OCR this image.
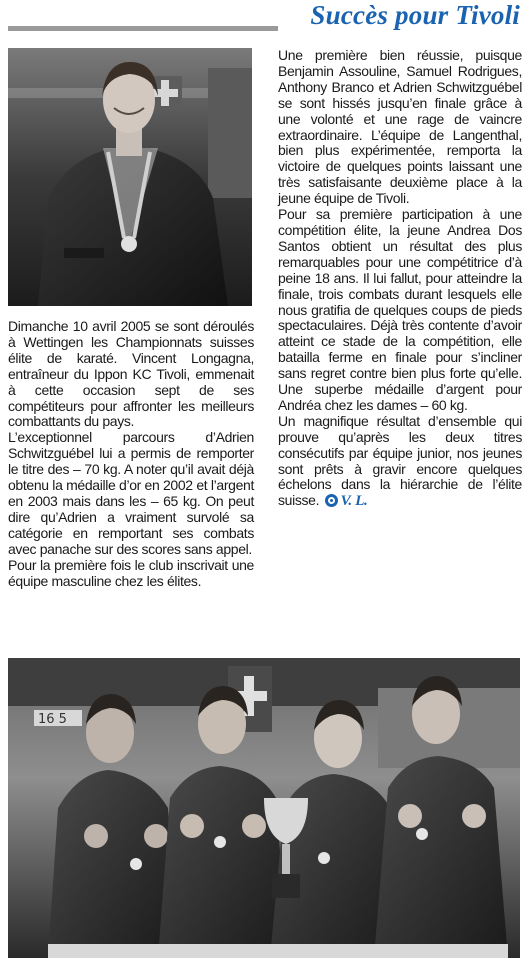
Succès pour Tivoli

Dimanche 10 avril 2005 se sont déroulés à Wettingen les Championnats suisses élite de karaté. Vincent Longagna, entraîneur du Ippon KC Tivoli, emmenait à cette occasion sept de ses compétiteurs pour affronter les meilleurs combattants du pays.

L’exceptionnel parcours d’Adrien Schwitzguébel lui a permis de remporter le titre des – 70 kg. A noter qu’il avait déjà obtenu la médaille d’or en 2002 et l’argent en 2003 mais dans les – 65 kg. On peut dire qu’Adrien a vraiment survolé sa catégorie en remportant ses combats avec panache sur des scores sans appel.

Pour la première fois le club inscrivait une équipe masculine chez les élites.

Une première bien réussie, puisque Benjamin Assouline, Samuel Rodrigues, Anthony Branco et Adrien Schwitzguébel se sont hissés jusqu’en finale grâce à une volonté et une rage de vaincre extraordinaire. L’équipe de Langenthal, bien plus expérimentée, remporta la victoire de quelques points laissant une très satisfaisante deuxième place à la jeune équipe de Tivoli.

Pour sa première participation à une compétition élite, la jeune Andrea Dos Santos obtient un résultat des plus remarquables pour une compétitrice d’à peine 18 ans. Il lui fallut, pour atteindre la finale, trois combats durant lesquels elle nous gratifia de quelques coups de pieds spectaculaires. Déjà très contente d’avoir atteint ce stade de la compétition, elle batailla ferme en finale pour s’incliner sans regret contre bien plus forte qu’elle. Une superbe médaille d’argent pour Andréa chez les dames – 60 kg.

Un magnifique résultat d’ensemble qui prouve qu’après les deux titres consécutifs par équipe junior, nos jeunes sont prêts à gravir encore quelques échelons dans la hiérarchie de l’élite suisse. V. L.

16 5
